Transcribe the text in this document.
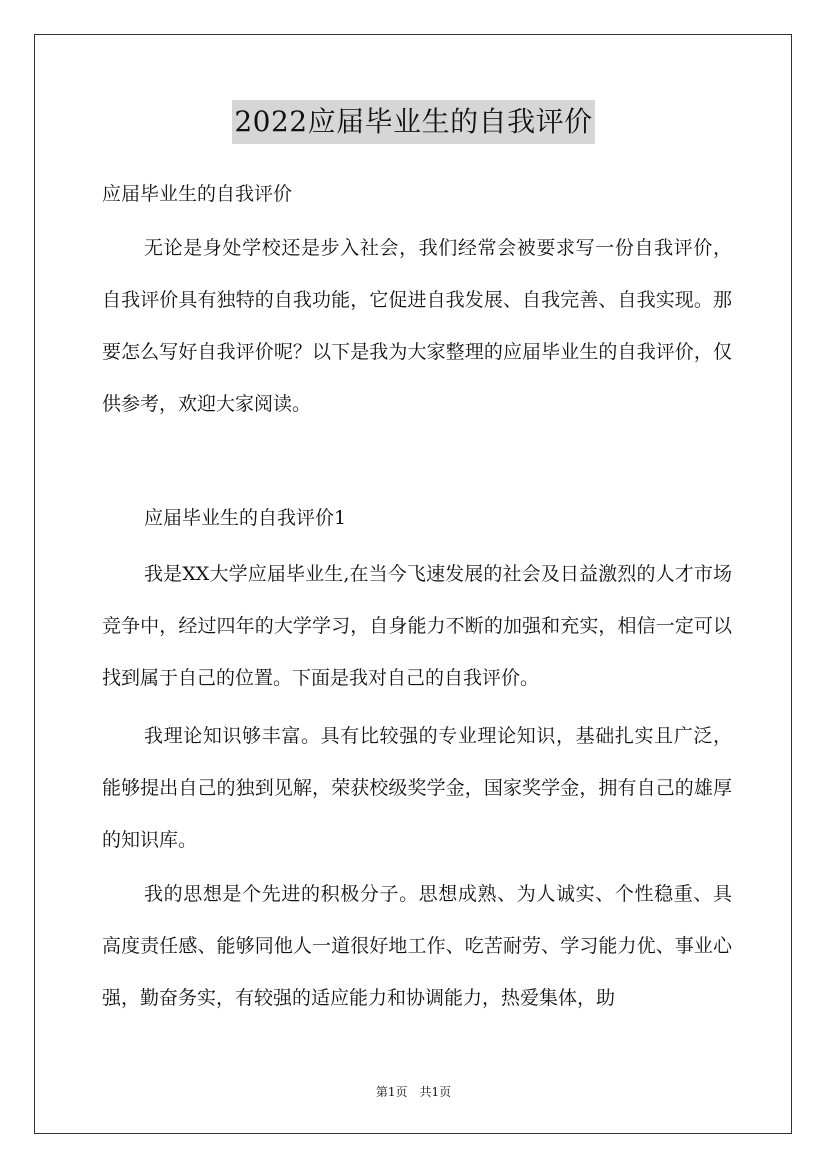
2022应届毕业生的自我评价
应届毕业生的自我评价

无论是身处学校还是步入社会，我们经常会被要求写一份自我评价，自我评价具有独特的自我功能，它促进自我发展、自我完善、自我实现。那要怎么写好自我评价呢？以下是我为大家整理的应届毕业生的自我评价，仅供参考，欢迎大家阅读。

应届毕业生的自我评价1

我是XX大学应届毕业生,在当今飞速发展的社会及日益激烈的人才市场竞争中，经过四年的大学学习，自身能力不断的加强和充实，相信一定可以找到属于自己的位置。下面是我对自己的自我评价。

我理论知识够丰富。具有比较强的专业理论知识，基础扎实且广泛，能够提出自己的独到见解，荣获校级奖学金，国家奖学金，拥有自己的雄厚的知识库。

我的思想是个先进的积极分子。思想成熟、为人诚实、个性稳重、具高度责任感、能够同他人一道很好地工作、吃苦耐劳、学习能力优、事业心强，勤奋务实，有较强的适应能力和协调能力，热爱集体，助

第1页 共1页
